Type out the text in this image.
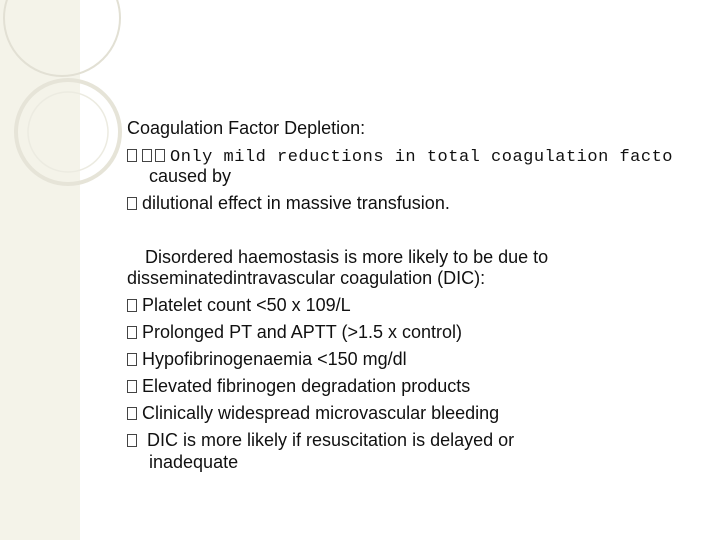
Coagulation Factor Depletion:
Only mild reductions in total coagulation facto
caused by
dilutional effect in massive transfusion.
Disordered haemostasis is more likely to be due to
disseminatedintravascular coagulation (DIC):
Platelet count <50 x 109/L
Prolonged PT and APTT (>1.5 x control)
Hypofibrinogenaemia <150 mg/dl
Elevated fibrinogen degradation products
Clinically widespread microvascular bleeding
DIC is more likely if resuscitation is delayed or
inadequate
